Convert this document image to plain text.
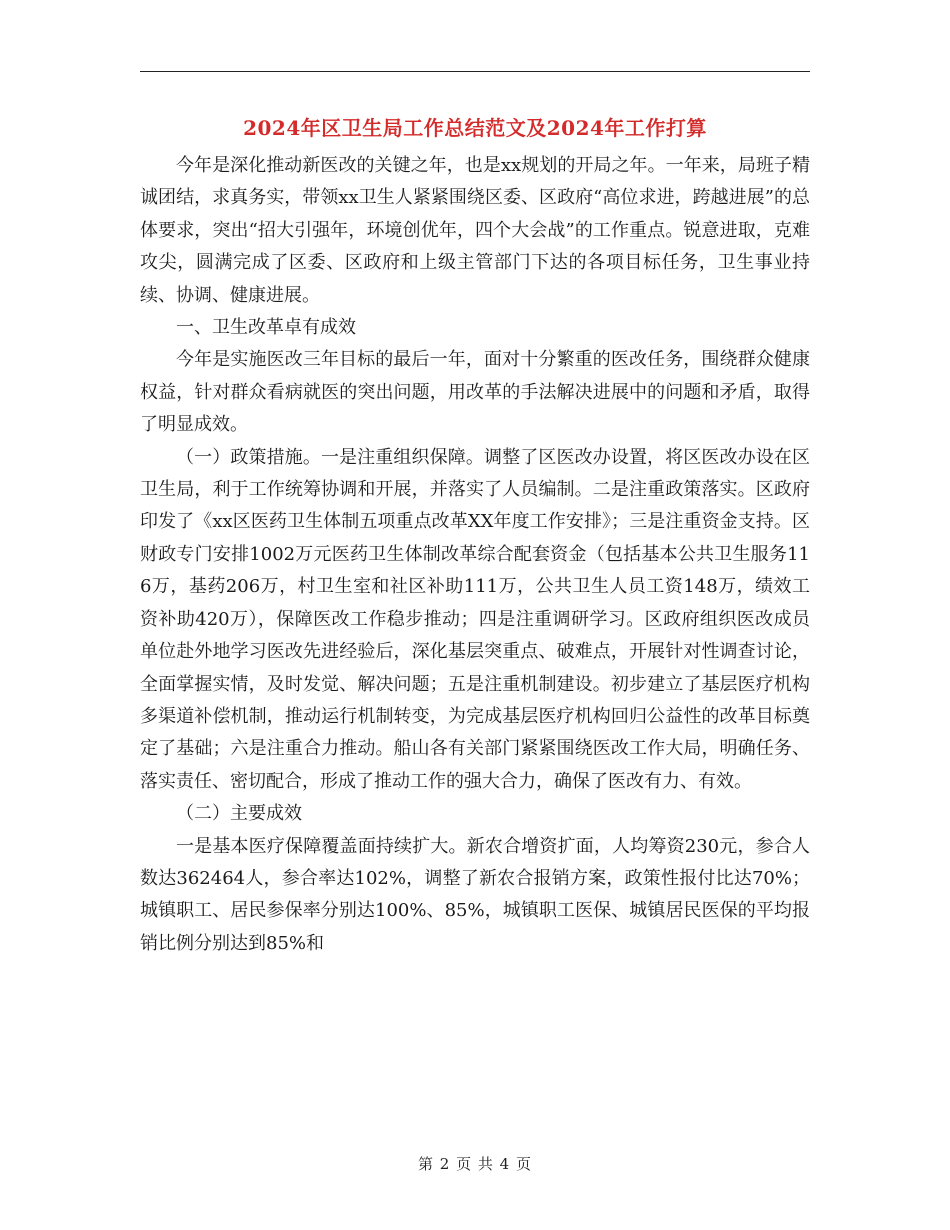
2024年区卫生局工作总结范文及2024年工作打算

今年是深化推动新医改的关键之年，也是xx规划的开局之年。一年来，局班子精诚团结，求真务实，带领xx卫生人紧紧围绕区委、区政府“高位求进，跨越进展”的总体要求，突出“招大引强年，环境创优年，四个大会战”的工作重点。锐意进取，克难攻尖，圆满完成了区委、区政府和上级主管部门下达的各项目标任务，卫生事业持续、协调、健康进展。

一、卫生改革卓有成效

今年是实施医改三年目标的最后一年，面对十分繁重的医改任务，围绕群众健康权益，针对群众看病就医的突出问题，用改革的手法解决进展中的问题和矛盾，取得了明显成效。

（一）政策措施。一是注重组织保障。调整了区医改办设置，将区医改办设在区卫生局，利于工作统筹协调和开展，并落实了人员编制。二是注重政策落实。区政府印发了《xx区医药卫生体制五项重点改革XX年度工作安排》；三是注重资金支持。区财政专门安排1002万元医药卫生体制改革综合配套资金（包括基本公共卫生服务116万，基药206万，村卫生室和社区补助111万，公共卫生人员工资148万，绩效工资补助420万），保障医改工作稳步推动；四是注重调研学习。区政府组织医改成员单位赴外地学习医改先进经验后，深化基层突重点、破难点，开展针对性调查讨论，全面掌握实情，及时发觉、解决问题；五是注重机制建设。初步建立了基层医疗机构多渠道补偿机制，推动运行机制转变，为完成基层医疗机构回归公益性的改革目标奠定了基础；六是注重合力推动。船山各有关部门紧紧围绕医改工作大局，明确任务、落实责任、密切配合，形成了推动工作的强大合力，确保了医改有力、有效。

（二）主要成效

一是基本医疗保障覆盖面持续扩大。新农合增资扩面，人均筹资230元，参合人数达362464人，参合率达102%，调整了新农合报销方案，政策性报付比达70%；城镇职工、居民参保率分别达100%、85%，城镇职工医保、城镇居民医保的平均报销比例分别达到85%和

第 2 页 共 4 页
